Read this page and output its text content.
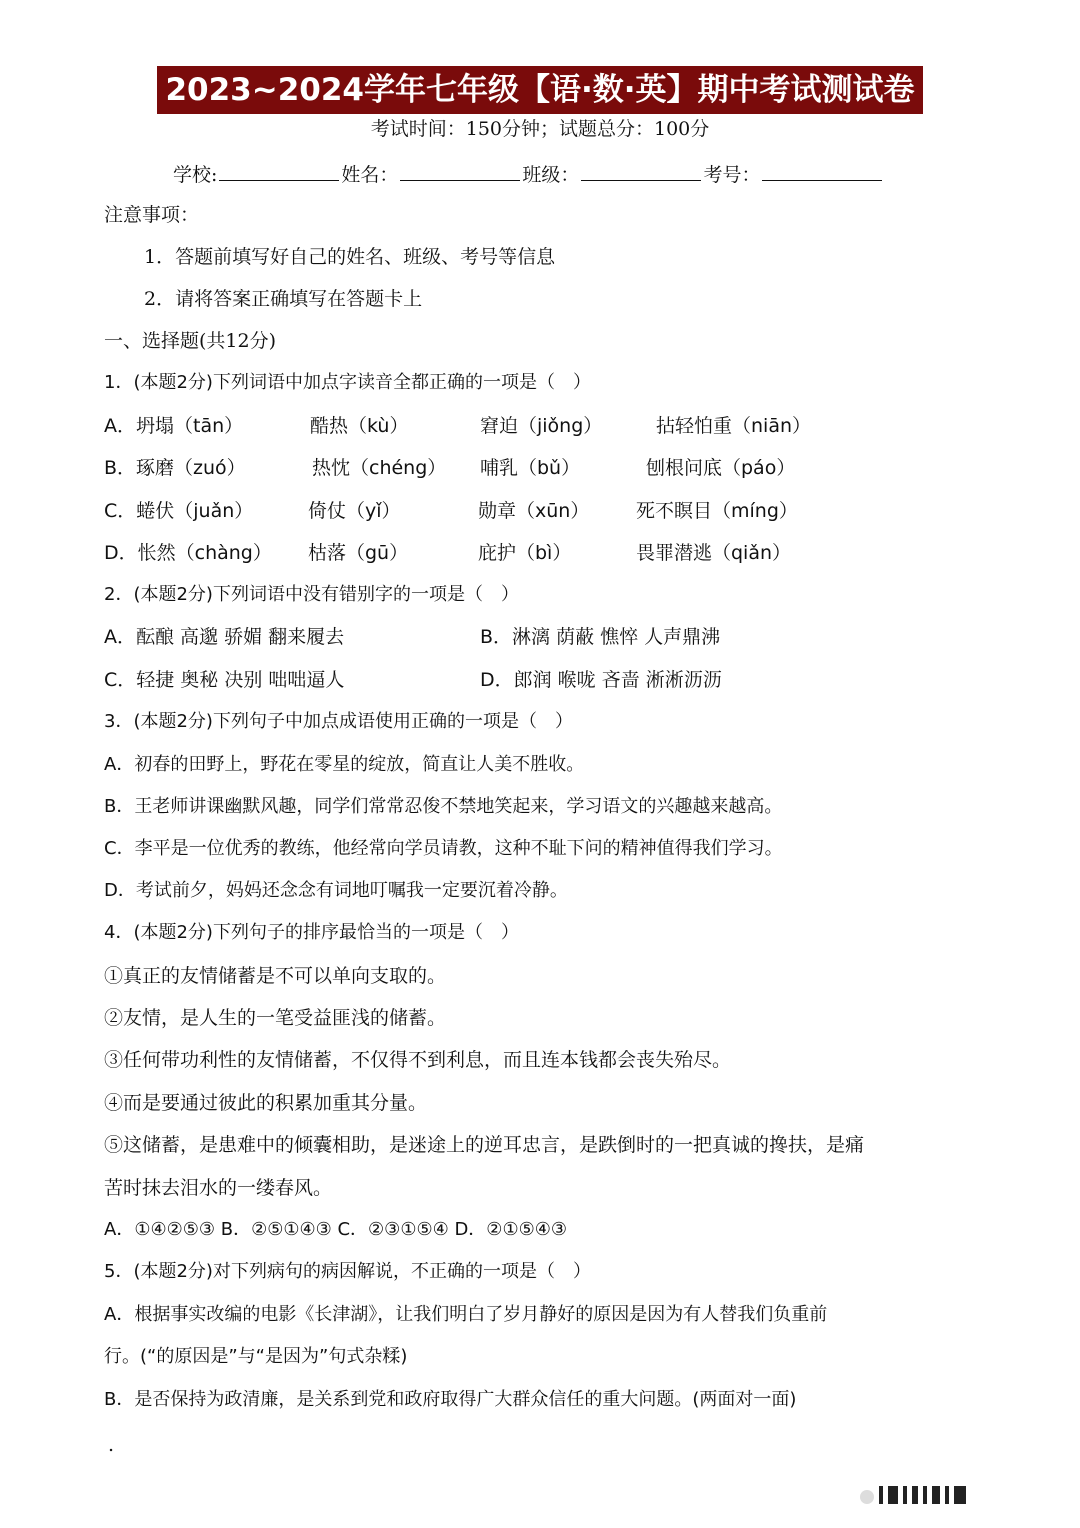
2023~2024学年七年级【语·数·英】期中考试测试卷
考试时间：150分钟；试题总分：100分
学校:	姓名：	班级：	考号：
注意事项：
1．答题前填写好自己的姓名、班级、考号等信息
2．请将答案正确填写在答题卡上
一、选择题(共12分)
1．(本题2分)下列词语中加点字读音全都正确的一项是（　）
A．坍塌（tān）	酷热（kù）	窘迫（jiǒng）	拈轻怕重（niān）
B．琢磨（zuó）	热忱（chéng） 哺乳（bǔ）	刨根问底（páo）
C．蜷伏（juǎn）	倚仗（yǐ）	勋章（xūn） 死不瞑目（míng）
D．怅然（chàng） 枯落（gū）	庇护（bì）	畏罪潜逃（qiǎn）
2．(本题2分)下列词语中没有错别字的一项是（　）
A．酝酿 高邈 骄媚 翻来履去	B．淋漓 荫蔽 憔悴 人声鼎沸
C．轻捷 奥秘 决别 咄咄逼人	D．郎润 喉咙 吝啬 淅淅沥沥
3．(本题2分)下列句子中加点成语使用正确的一项是（　）
A．初春的田野上，野花在零星的绽放，简直让人美不胜收。
B．王老师讲课幽默风趣，同学们常常忍俊不禁地笑起来，学习语文的兴趣越来越高。
C．李平是一位优秀的教练，他经常向学员请教，这种不耻下问的精神值得我们学习。
D．考试前夕，妈妈还念念有词地叮嘱我一定要沉着冷静。
4．(本题2分)下列句子的排序最恰当的一项是（　）
①真正的友情储蓄是不可以单向支取的。
②友情，是人生的一笔受益匪浅的储蓄。
③任何带功利性的友情储蓄，不仅得不到利息，而且连本钱都会丧失殆尽。
④而是要通过彼此的积累加重其分量。
⑤这储蓄，是患难中的倾囊相助，是迷途上的逆耳忠言，是跌倒时的一把真诚的搀扶，是痛
苦时抹去泪水的一缕春风。
A．①④②⑤③ B．②⑤①④③ C．②③①⑤④ D．②①⑤④③
5．(本题2分)对下列病句的病因解说，不正确的一项是（　）
A．根据事实改编的电影《长津湖》，让我们明白了岁月静好的原因是因为有人替我们负重前
行。(“的原因是”与“是因为”句式杂糅)
B．是否保持为政清廉，是关系到党和政府取得广大群众信任的重大问题。(两面对一面)
.
